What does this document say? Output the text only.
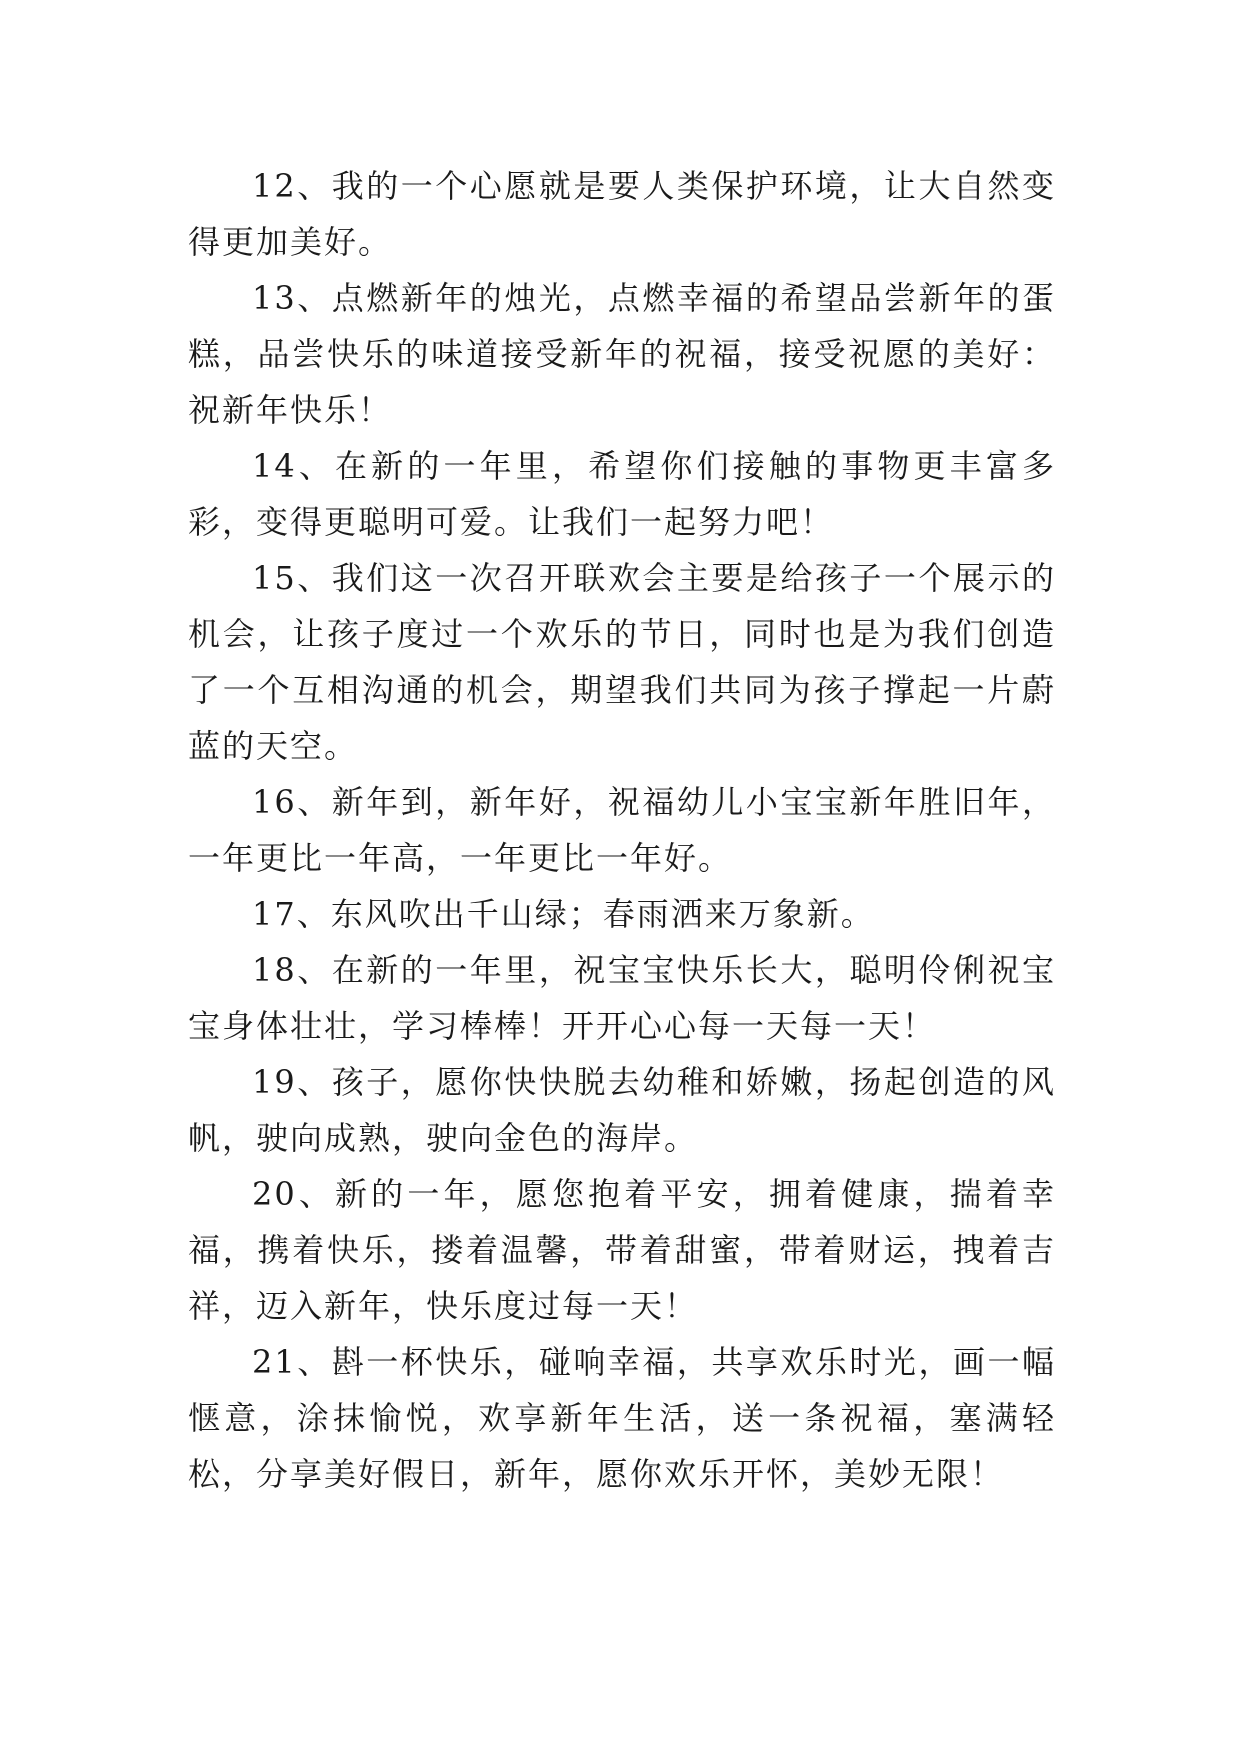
12、我的一个心愿就是要人类保护环境，让大自然变得更加美好。

13、点燃新年的烛光，点燃幸福的希望品尝新年的蛋糕，品尝快乐的味道接受新年的祝福，接受祝愿的美好：祝新年快乐！

14、在新的一年里，希望你们接触的事物更丰富多彩，变得更聪明可爱。让我们一起努力吧！

15、我们这一次召开联欢会主要是给孩子一个展示的机会，让孩子度过一个欢乐的节日，同时也是为我们创造了一个互相沟通的机会，期望我们共同为孩子撑起一片蔚蓝的天空。

16、新年到，新年好，祝福幼儿小宝宝新年胜旧年，一年更比一年高，一年更比一年好。

17、东风吹出千山绿；春雨洒来万象新。

18、在新的一年里，祝宝宝快乐长大，聪明伶俐祝宝宝身体壮壮，学习棒棒！开开心心每一天每一天！

19、孩子，愿你快快脱去幼稚和娇嫩，扬起创造的风帆，驶向成熟，驶向金色的海岸。

20、新的一年，愿您抱着平安，拥着健康，揣着幸福，携着快乐，搂着温馨，带着甜蜜，带着财运，拽着吉祥，迈入新年，快乐度过每一天！

21、斟一杯快乐，碰响幸福，共享欢乐时光，画一幅惬意，涂抹愉悦，欢享新年生活，送一条祝福，塞满轻松，分享美好假日，新年，愿你欢乐开怀，美妙无限！
